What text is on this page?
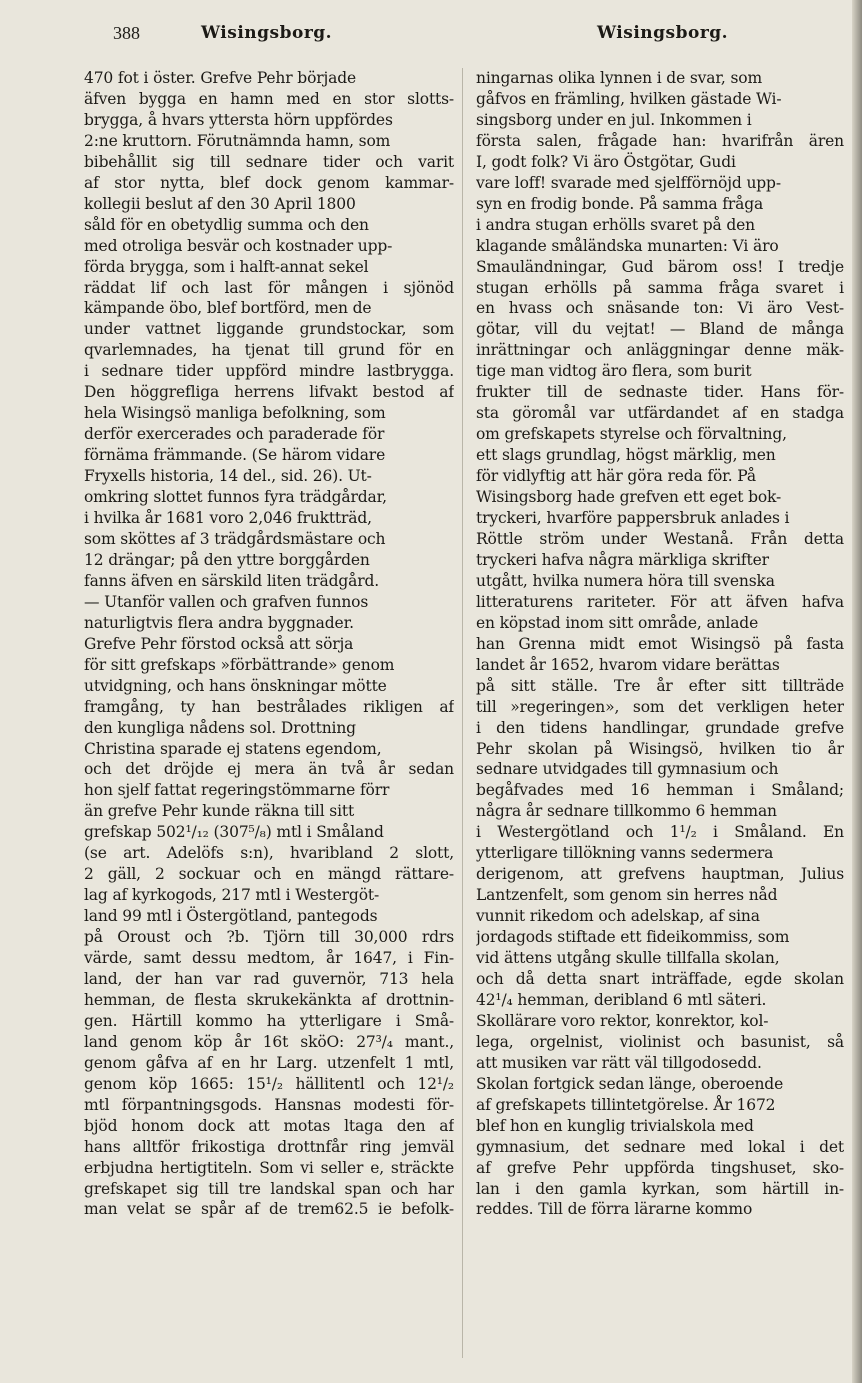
388	Wisingsborg.	Wisingsborg.
470 fot i öster. Grefve Pehr började
äfven bygga en hamn med en stor slotts-
brygga, å hvars yttersta hörn uppfördes
2:ne kruttorn. Förutnämnda hamn, som
bibehållit sig till sednare tider och varit
af stor nytta, blef dock genom kammar-
kollegii beslut af den 30 April 1800
såld för en obetydlig summa och den
med otroliga besvär och kostnader upp-
förda brygga, som i halft-annat sekel
räddat lif och last för mången i sjönöd
kämpande öbo, blef bortförd, men de
under vattnet liggande grundstockar, som
qvarlemnades, ha tjenat till grund för en
i sednare tider uppförd mindre lastbrygga.
Den höggrefliga herrens lifvakt bestod af
hela Wisingsö manliga befolkning, som
derför exercerades och paraderade för
förnäma främmande. (Se härom vidare
Fryxells historia, 14 del., sid. 26). Ut-
omkring slottet funnos fyra trädgårdar,
i hvilka år 1681 voro 2,046 fruktträd,
som sköttes af 3 trädgårdsmästare och
12 drängar; på den yttre borggården
fanns äfven en särskild liten trädgård.
— Utanför vallen och grafven funnos
naturligtvis flera andra byggnader.
Grefve Pehr förstod också att sörja
för sitt grefskaps »förbättrande» genom
utvidgning, och hans önskningar mötte
framgång, ty han bestrålades rikligen af
den kungliga nådens sol. Drottning
Christina sparade ej statens egendom,
och det dröjde ej mera än två år sedan
hon sjelf fattat regeringstömmarne förr
än grefve Pehr kunde räkna till sitt
grefskap 502¹/₁₂ (307⁵/₈) mtl i Småland
(se art. Adelöfs s:n), hvaribland 2 slott,
2 gäll, 2 sockuar och en mängd rättare-
lag af kyrkogods, 217 mtl i Westergöt-
land 99 mtl i Östergötland, pantegods
på Oroust och ?b. Tjörn till 30,000 rdrs
värde, samt dessu medtom, år 1647, i Fin-
land, der han var rad guvernör, 713 hela
hemman, de flesta skrukekänkta af drottnin-
gen. Härtill kommo ha ytterligare i Små-
land genom köp år 16t sköO: 27³/₄ mant.,
genom gåfva af en hr Larg. utzenfelt 1 mtl,
genom köp 1665: 15¹/₂ hällitentl och 12¹/₂
mtl förpantningsgods. Hansnas modesti för-
bjöd honom dock att motas ltaga den af
hans alltför frikostiga drottnfår ring jemväl
erbjudna hertigtiteln. Som vi seller e, sträckte
grefskapet sig till tre landskal span och har
man velat se spår af de trem62.5 ie befolk-
ningarnas olika lynnen i de svar, som
gåfvos en främling, hvilken gästade Wi-
singsborg under en jul. Inkommen i
första salen, frågade han: hvarifrån ären
I, godt folk? Vi äro Östgötar, Gudi
vare loff! svarade med sjelfförnöjd upp-
syn en frodig bonde. På samma fråga
i andra stugan erhölls svaret på den
klagande småländska munarten: Vi äro
Smauländningar, Gud bärom oss! I tredje
stugan erhölls på samma fråga svaret i
en hvass och snäsande ton: Vi äro Vest-
götar, vill du vejtat! — Bland de många
inrättningar och anläggningar denne mäk-
tige man vidtog äro flera, som burit
frukter till de sednaste tider. Hans för-
sta göromål var utfärdandet af en stadga
om grefskapets styrelse och förvaltning,
ett slags grundlag, högst märklig, men
för vidlyftig att här göra reda för. På
Wisingsborg hade grefven ett eget bok-
tryckeri, hvarföre pappersbruk anlades i
Röttle ström under Westanå. Från detta
tryckeri hafva några märkliga skrifter
utgått, hvilka numera höra till svenska
litteraturens rariteter. För att äfven hafva
en köpstad inom sitt område, anlade
han Grenna midt emot Wisingsö på fasta
landet år 1652, hvarom vidare berättas
på sitt ställe. Tre år efter sitt tillträde
till »regeringen», som det verkligen heter
i den tidens handlingar, grundade grefve
Pehr skolan på Wisingsö, hvilken tio år
sednare utvidgades till gymnasium och
begåfvades med 16 hemman i Småland;
några år sednare tillkommo 6 hemman
i Westergötland och 1¹/₂ i Småland. En
ytterligare tillökning vanns sedermera
derigenom, att grefvens hauptman, Julius
Lantzenfelt, som genom sin herres nåd
vunnit rikedom och adelskap, af sina
jordagods stiftade ett fideikommiss, som
vid ättens utgång skulle tillfalla skolan,
och då detta snart inträffade, egde skolan
42¹/₄ hemman, deribland 6 mtl säteri.
Skollärare voro rektor, konrektor, kol-
lega, orgelnist, violinist och basunist, så
att musiken var rätt väl tillgodosedd.
Skolan fortgick sedan länge, oberoende
af grefskapets tillintetgörelse. År 1672
blef hon en kunglig trivialskola med
gymnasium, det sednare med lokal i det
af grefve Pehr uppförda tingshuset, sko-
lan i den gamla kyrkan, som härtill in-
reddes. Till de förra lärarne kommo
